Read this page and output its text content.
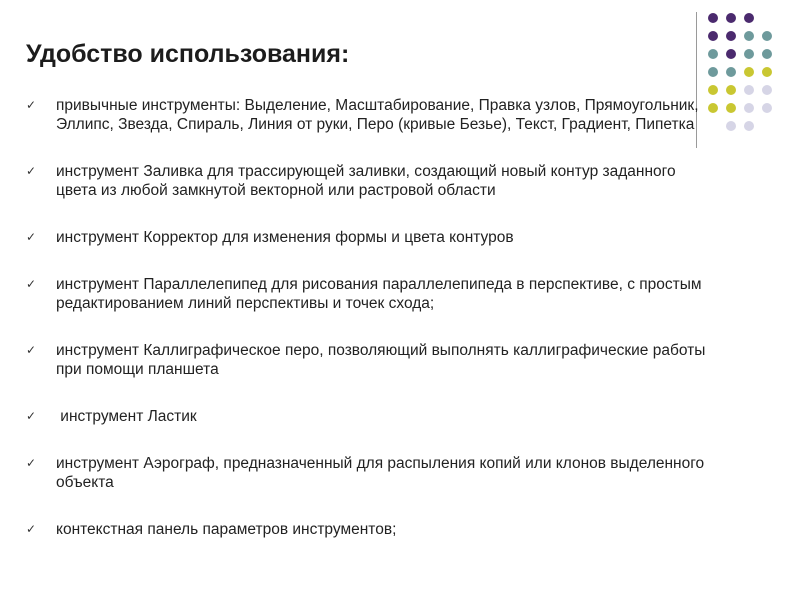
Удобство использования:
✓ привычные инструменты: Выделение, Масштабирование, Правка узлов, Прямоугольник, Эллипс, Звезда, Спираль, Линия от руки, Перо (кривые Безье), Текст, Градиент, Пипетка
✓ инструмент Заливка для трассирующей заливки, создающий новый контур заданного цвета из любой замкнутой векторной или растровой области
✓ инструмент Корректор для изменения формы и цвета контуров
✓ инструмент Параллелепипед для рисования параллелепипеда в перспективе, с простым редактированием линий перспективы и точек схода;
✓ инструмент Каллиграфическое перо, позволяющий выполнять каллиграфические работы при помощи планшета
✓ инструмент Ластик
✓ инструмент Аэрограф, предназначенный для распыления копий или клонов выделенного объекта
✓ контекстная панель параметров инструментов;
